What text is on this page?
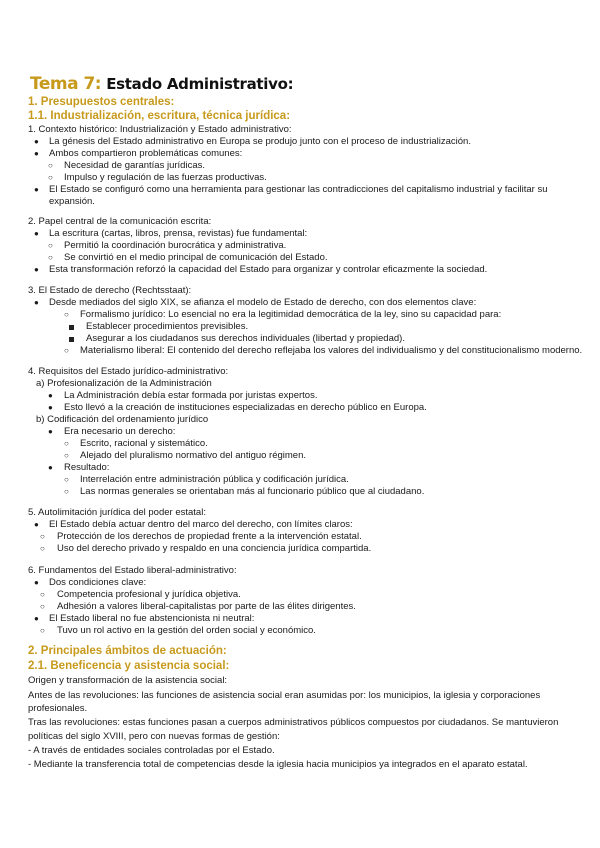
Tema 7: Estado Administrativo:
1. Presupuestos centrales:
1.1. Industrialización, escritura, técnica jurídica:
1. Contexto histórico: Industrialización y Estado administrativo:
● La génesis del Estado administrativo en Europa se produjo junto con el proceso de industrialización.
● Ambos compartieron problemáticas comunes:
○ Necesidad de garantías jurídicas.
○ Impulso y regulación de las fuerzas productivas.
● El Estado se configuró como una herramienta para gestionar las contradicciones del capitalismo industrial y facilitar su
expansión.
2. Papel central de la comunicación escrita:
● La escritura (cartas, libros, prensa, revistas) fue fundamental:
○ Permitió la coordinación burocrática y administrativa.
○ Se convirtió en el medio principal de comunicación del Estado.
● Esta transformación reforzó la capacidad del Estado para organizar y controlar eficazmente la sociedad.
3. El Estado de derecho (Rechtsstaat):
● Desde mediados del siglo XIX, se afianza el modelo de Estado de derecho, con dos elementos clave:
○ Formalismo jurídico: Lo esencial no era la legitimidad democrática de la ley, sino su capacidad para:
Establecer procedimientos previsibles.
Asegurar a los ciudadanos sus derechos individuales (libertad y propiedad).
○ Materialismo liberal: El contenido del derecho reflejaba los valores del individualismo y del constitucionalismo moderno.
4. Requisitos del Estado jurídico-administrativo:
a) Profesionalización de la Administración
● La Administración debía estar formada por juristas expertos.
● Esto llevó a la creación de instituciones especializadas en derecho público en Europa.
b) Codificación del ordenamiento jurídico
● Era necesario un derecho:
○ Escrito, racional y sistemático.
○ Alejado del pluralismo normativo del antiguo régimen.
● Resultado:
○ Interrelación entre administración pública y codificación jurídica.
○ Las normas generales se orientaban más al funcionario público que al ciudadano.
5. Autolimitación jurídica del poder estatal:
● El Estado debía actuar dentro del marco del derecho, con límites claros:
○ Protección de los derechos de propiedad frente a la intervención estatal.
○ Uso del derecho privado y respaldo en una conciencia jurídica compartida.
6. Fundamentos del Estado liberal-administrativo:
● Dos condiciones clave:
○ Competencia profesional y jurídica objetiva.
○ Adhesión a valores liberal-capitalistas por parte de las élites dirigentes.
● El Estado liberal no fue abstencionista ni neutral:
○ Tuvo un rol activo en la gestión del orden social y económico.
2. Principales ámbitos de actuación:
2.1. Beneficencia y asistencia social:
Origen y transformación de la asistencia social:
Antes de las revoluciones: las funciones de asistencia social eran asumidas por: los municipios, la iglesia y corporaciones
profesionales.
Tras las revoluciones: estas funciones pasan a cuerpos administrativos públicos compuestos por ciudadanos. Se mantuvieron
políticas del siglo XVIII, pero con nuevas formas de gestión:
- A través de entidades sociales controladas por el Estado.
- Mediante la transferencia total de competencias desde la iglesia hacia municipios ya integrados en el aparato estatal.
